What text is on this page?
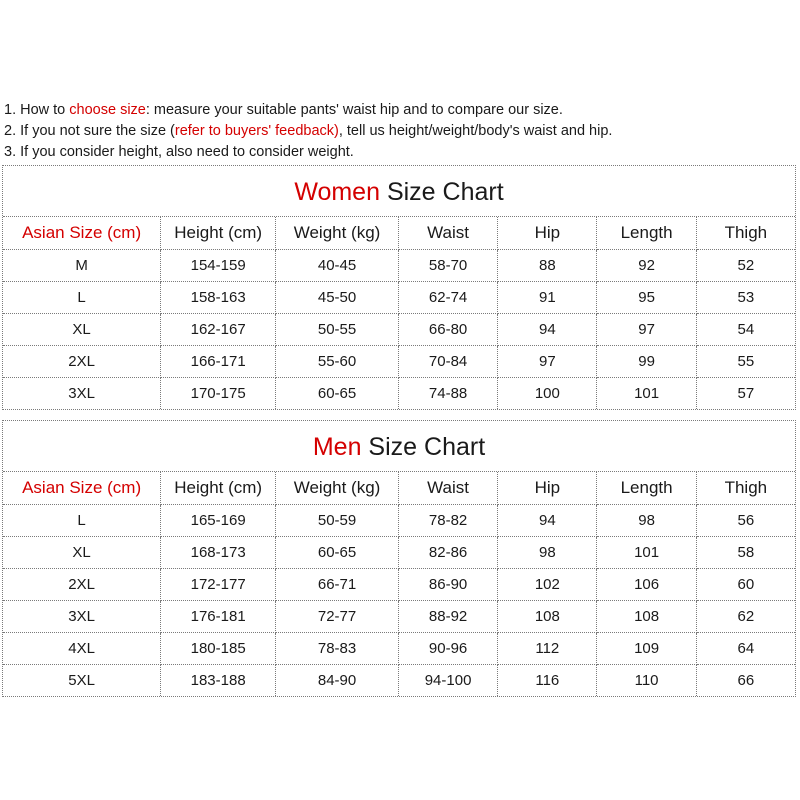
1. How to choose size: measure your suitable pants' waist hip and to compare our size.
2. If you not sure the size (refer to buyers' feedback), tell us height/weight/body's waist and hip.
3. If you consider height, also need to consider weight.
Women Size Chart
Asian Size (cm)	Height (cm)	Weight (kg)	Waist	Hip	Length	Thigh
M	154-159	40-45	58-70	88	92	52
L	158-163	45-50	62-74	91	95	53
XL	162-167	50-55	66-80	94	97	54
2XL	166-171	55-60	70-84	97	99	55
3XL	170-175	60-65	74-88	100	101	57
Men Size Chart
Asian Size (cm)	Height (cm)	Weight (kg)	Waist	Hip	Length	Thigh
L	165-169	50-59	78-82	94	98	56
XL	168-173	60-65	82-86	98	101	58
2XL	172-177	66-71	86-90	102	106	60
3XL	176-181	72-77	88-92	108	108	62
4XL	180-185	78-83	90-96	112	109	64
5XL	183-188	84-90	94-100	116	110	66
